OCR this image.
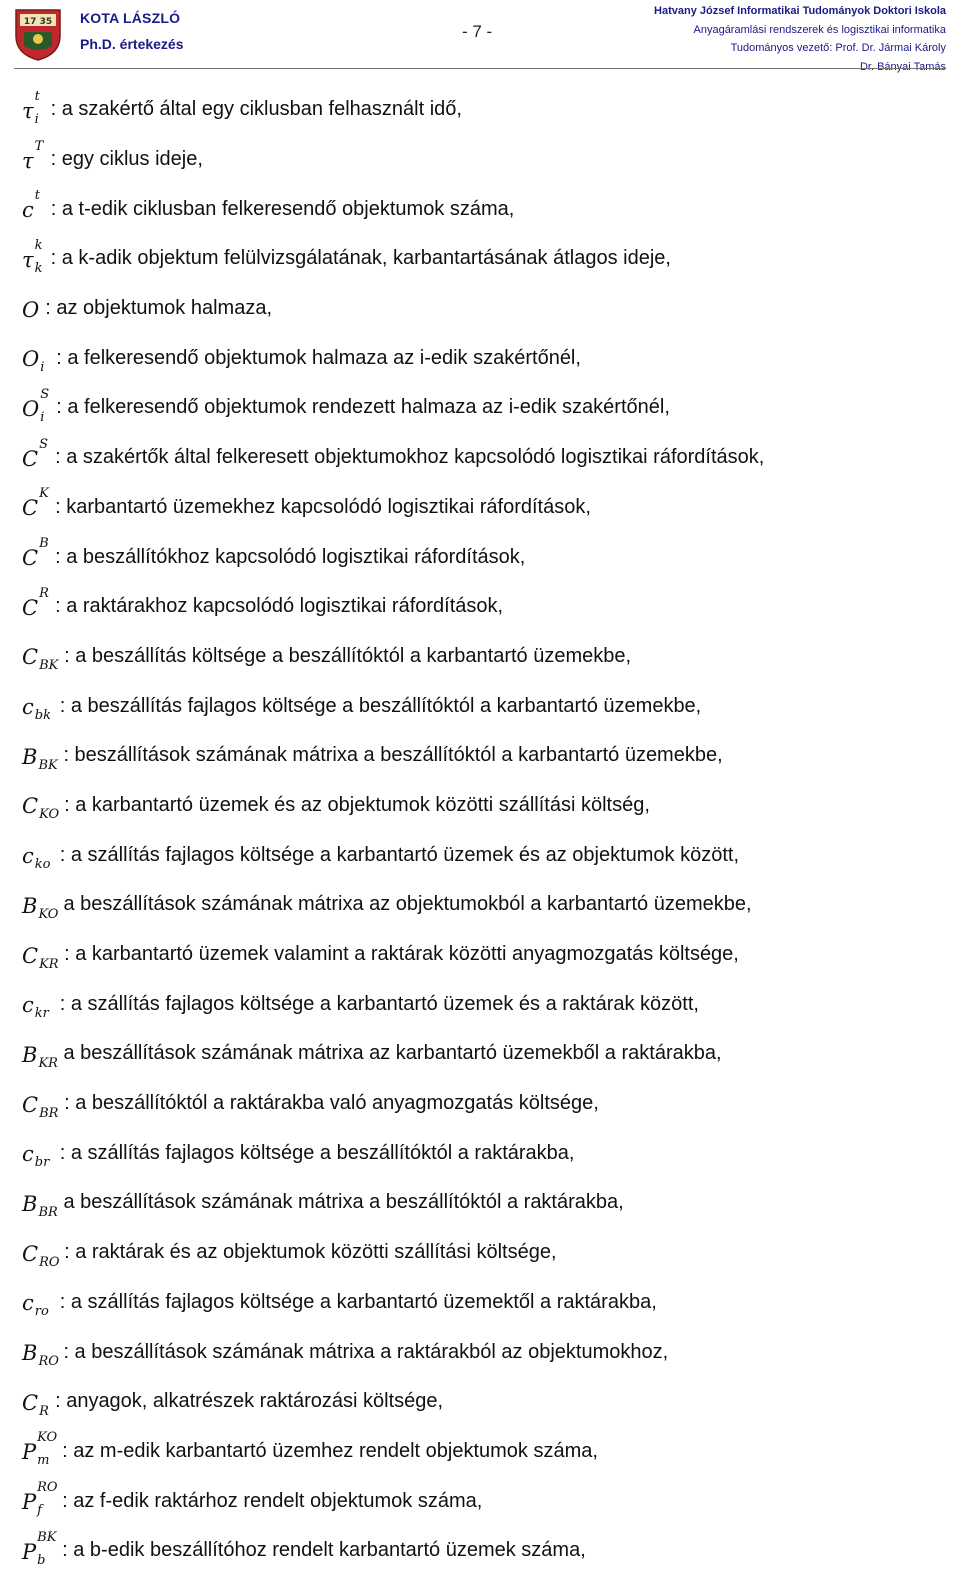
17 35 KOTA LÁSZLÓ
Ph.D. értekezés
- 7 -
Hatvany József Informatikai Tudományok Doktori Iskola
Anyagáramlási rendszerek és logisztikai informatika
Tudományos vezető: Prof. Dr. Jármai Károly
Dr. Bányai Tamás
τ
t
i : a szakértő által egy ciklusban felhasznált idő,
τ
T
: egy ciklus ideje,
c
t
: a t-edik ciklusban felkeresendő objektumok száma,
τ
k
k : a k-adik objektum felülvizsgálatának, karbantartásának átlagos ideje,
O : az objektumok halmaza,
O i : a felkeresendő objektumok halmaza az i-edik szakértőnél,
O
S
i : a felkeresendő objektumok rendezett halmaza az i-edik szakértőnél,
C
S
: a szakértők által felkeresett objektumokhoz kapcsolódó logisztikai ráfordítások,
C
K
: karbantartó üzemekhez kapcsolódó logisztikai ráfordítások,
C
B
: a beszállítókhoz kapcsolódó logisztikai ráfordítások,
C
R
: a raktárakhoz kapcsolódó logisztikai ráfordítások,
C BK : a beszállítás költsége a beszállítóktól a karbantartó üzemekbe,
c bk : a beszállítás fajlagos költsége a beszállítóktól a karbantartó üzemekbe,
B BK : beszállítások számának mátrixa a beszállítóktól a karbantartó üzemekbe,
C KO : a karbantartó üzemek és az objektumok közötti szállítási költség,
c ko : a szállítás fajlagos költsége a karbantartó üzemek és az objektumok között,
B KO a beszállítások számának mátrixa az objektumokból a karbantartó üzemekbe,
C KR : a karbantartó üzemek valamint a raktárak közötti anyagmozgatás költsége,
c kr : a szállítás fajlagos költsége a karbantartó üzemek és a raktárak között,
B KR a beszállítások számának mátrixa az karbantartó üzemekből a raktárakba,
C BR : a beszállítóktól a raktárakba való anyagmozgatás költsége,
c br : a szállítás fajlagos költsége a beszállítóktól a raktárakba,
B BR a beszállítások számának mátrixa a beszállítóktól a raktárakba,
C RO : a raktárak és az objektumok közötti szállítási költsége,
c ro : a szállítás fajlagos költsége a karbantartó üzemektől a raktárakba,
B RO : a beszállítások számának mátrixa a raktárakból az objektumokhoz,
C R : anyagok, alkatrészek raktározási költsége,
P
KO
m : az m-edik karbantartó üzemhez rendelt objektumok száma,
P
RO
f : az f-edik raktárhoz rendelt objektumok száma,
P
BK
b : a b-edik beszállítóhoz rendelt karbantartó üzemek száma,
